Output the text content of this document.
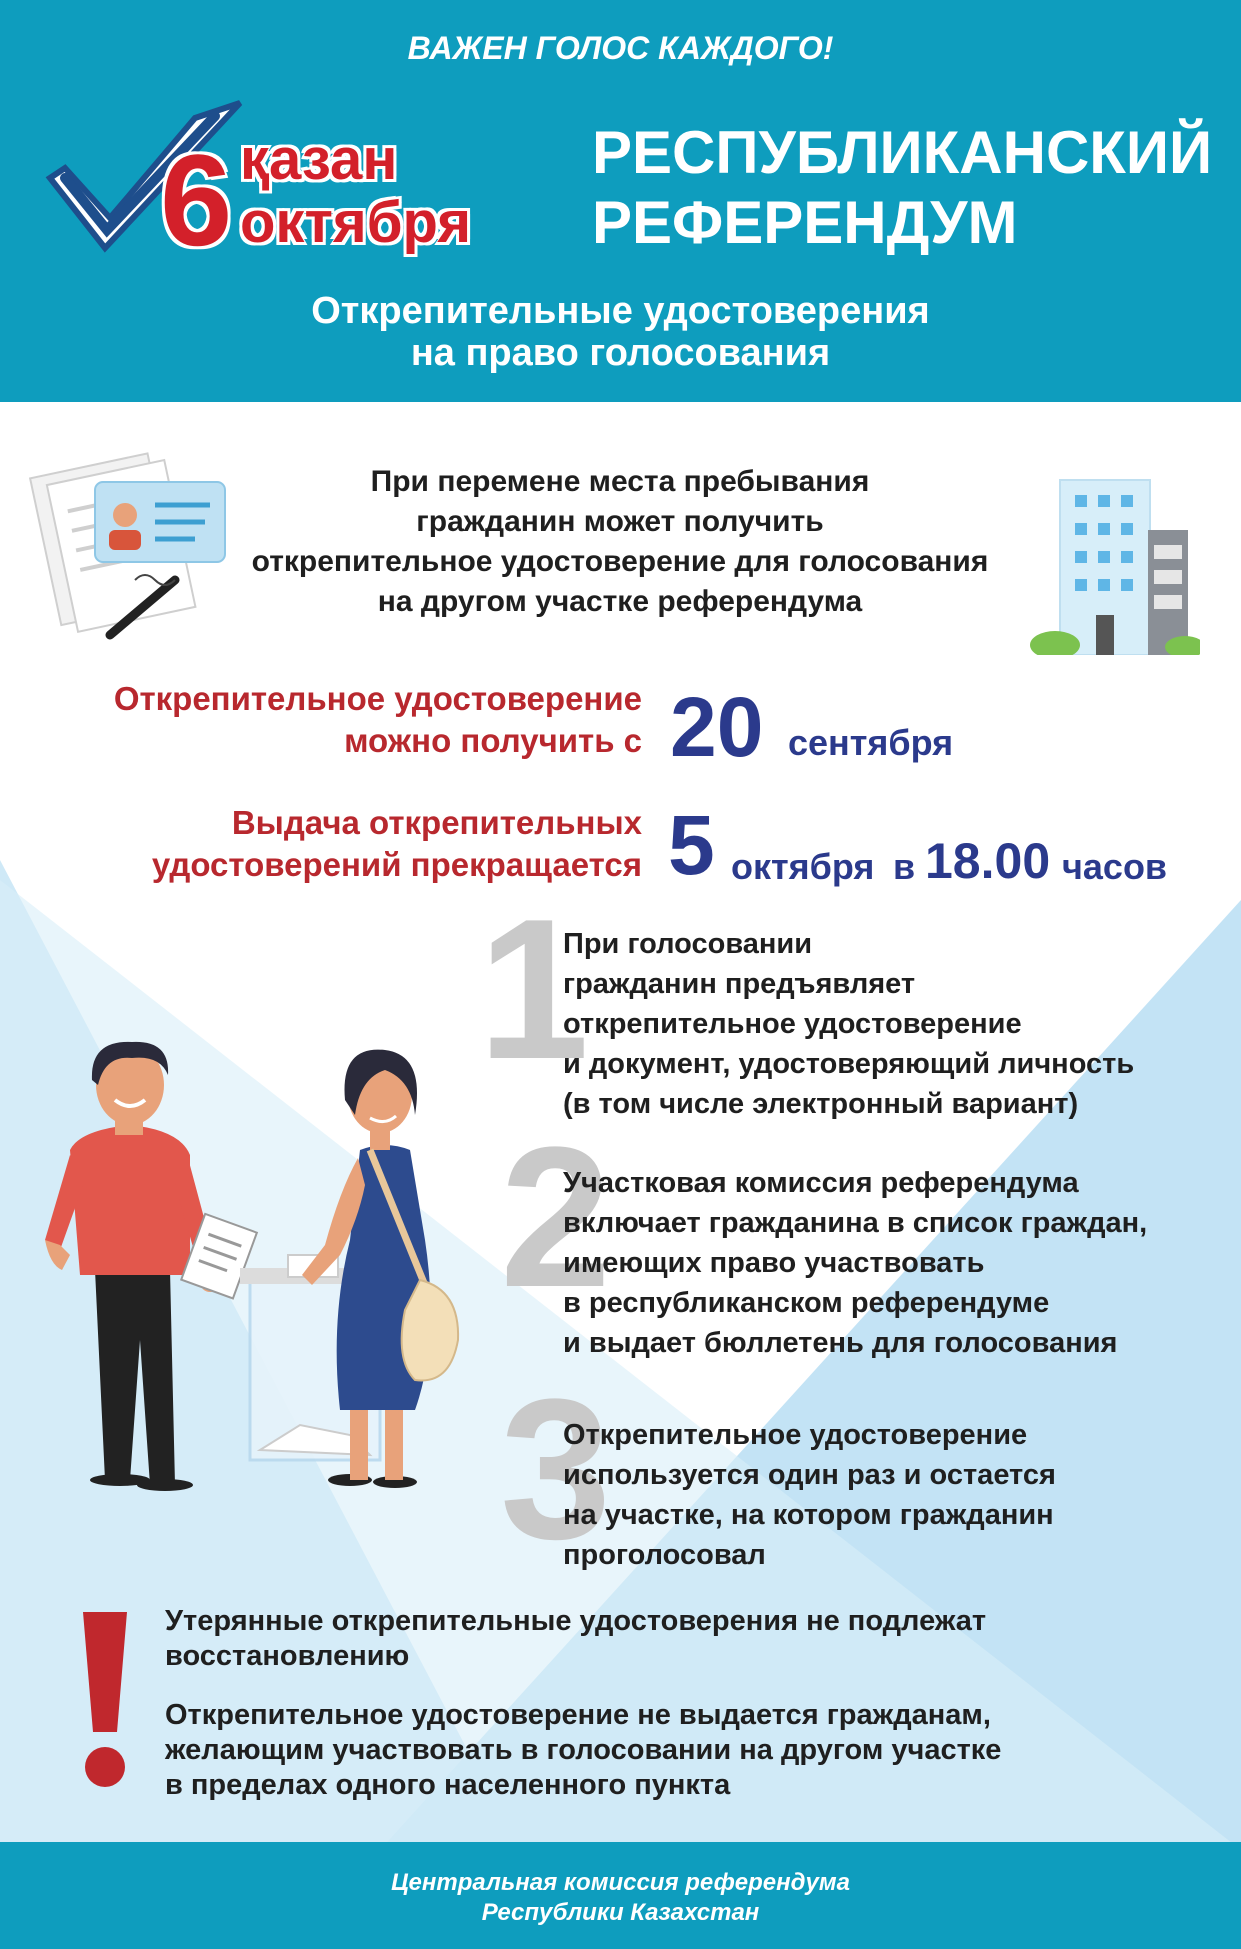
ВАЖЕН ГОЛОС КАЖДОГО!
6 қазан
октября
РЕСПУБЛИКАНСКИЙ
РЕФЕРЕНДУМ
Открепительные удостоверения
на право голосования
При перемене места пребывания
гражданин может получить
открепительное удостоверение для голосования
на другом участке референдума
Открепительное удостоверение
можно получить с 20 сентября
Выдача открепительных
удостоверений прекращается 5 октября в 18.00 часов
1
При голосовании
гражданин предъявляет
открепительное удостоверение
и документ, удостоверяющий личность
(в том числе электронный вариант)
2
Участковая комиссия референдума
включает гражданина в список граждан,
имеющих право участвовать
в республиканском референдуме
и выдает бюллетень для голосования
3
Открепительное удостоверение
используется один раз и остается
на участке, на котором гражданин
проголосовал
Утерянные открепительные удостоверения не подлежат
восстановлению
Открепительное удостоверение не выдается гражданам,
желающим участвовать в голосовании на другом участке
в пределах одного населенного пункта
Центральная комиссия референдума
Республики Казахстан
